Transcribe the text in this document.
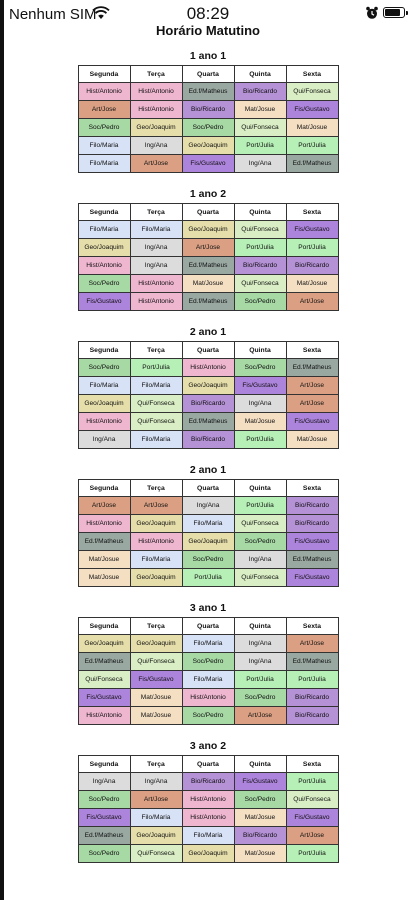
Nenhum SIM	08:29
Horário Matutino
1 ano 1
Segunda	Terça	Quarta	Quinta	Sexta
Hist/Antonio	Hist/Antonio	Ed.f/Matheus	Bio/Ricardo	Qui/Fonseca
Art/Jose	Hist/Antonio	Bio/Ricardo	Mat/Josue	Fis/Gustavo
Soc/Pedro	Geo/Joaquim	Soc/Pedro	Qui/Fonseca	Mat/Josue
Filo/Maria	Ing/Ana	Geo/Joaquim	Port/Julia	Port/Julia
Filo/Maria	Art/Jose	Fis/Gustavo	Ing/Ana	Ed.f/Matheus
1 ano 2
Segunda	Terça	Quarta	Quinta	Sexta
Filo/Maria	Filo/Maria	Geo/Joaquim	Qui/Fonseca	Fis/Gustavo
Geo/Joaquim	Ing/Ana	Art/Jose	Port/Julia	Port/Julia
Hist/Antonio	Ing/Ana	Ed.f/Matheus	Bio/Ricardo	Bio/Ricardo
Soc/Pedro	Hist/Antonio	Mat/Josue	Qui/Fonseca	Mat/Josue
Fis/Gustavo	Hist/Antonio	Ed.f/Matheus	Soc/Pedro	Art/Jose
2 ano 1
Segunda	Terça	Quarta	Quinta	Sexta
Soc/Pedro	Port/Julia	Hist/Antonio	Soc/Pedro	Ed.f/Matheus
Filo/Maria	Filo/Maria	Geo/Joaquim	Fis/Gustavo	Art/Jose
Geo/Joaquim	Qui/Fonseca	Bio/Ricardo	Ing/Ana	Art/Jose
Hist/Antonio	Qui/Fonseca	Ed.f/Matheus	Mat/Josue	Fis/Gustavo
Ing/Ana	Filo/Maria	Bio/Ricardo	Port/Julia	Mat/Josue
2 ano 1
Segunda	Terça	Quarta	Quinta	Sexta
Art/Jose	Art/Jose	Ing/Ana	Port/Julia	Bio/Ricardo
Hist/Antonio	Geo/Joaquim	Filo/Maria	Qui/Fonseca	Bio/Ricardo
Ed.f/Matheus	Hist/Antonio	Geo/Joaquim	Soc/Pedro	Fis/Gustavo
Mat/Josue	Filo/Maria	Soc/Pedro	Ing/Ana	Ed.f/Matheus
Mat/Josue	Geo/Joaquim	Port/Julia	Qui/Fonseca	Fis/Gustavo
3 ano 1
Segunda	Terça	Quarta	Quinta	Sexta
Geo/Joaquim	Geo/Joaquim	Filo/Maria	Ing/Ana	Art/Jose
Ed.f/Matheus	Qui/Fonseca	Soc/Pedro	Ing/Ana	Ed.f/Matheus
Qui/Fonseca	Fis/Gustavo	Filo/Maria	Port/Julia	Port/Julia
Fis/Gustavo	Mat/Josue	Hist/Antonio	Soc/Pedro	Bio/Ricardo
Hist/Antonio	Mat/Josue	Soc/Pedro	Art/Jose	Bio/Ricardo
3 ano 2
Segunda	Terça	Quarta	Quinta	Sexta
Ing/Ana	Ing/Ana	Bio/Ricardo	Fis/Gustavo	Port/Julia
Soc/Pedro	Art/Jose	Hist/Antonio	Soc/Pedro	Qui/Fonseca
Fis/Gustavo	Filo/Maria	Hist/Antonio	Mat/Josue	Fis/Gustavo
Ed.f/Matheus	Geo/Joaquim	Filo/Maria	Bio/Ricardo	Art/Jose
Soc/Pedro	Qui/Fonseca	Geo/Joaquim	Mat/Josue	Port/Julia
